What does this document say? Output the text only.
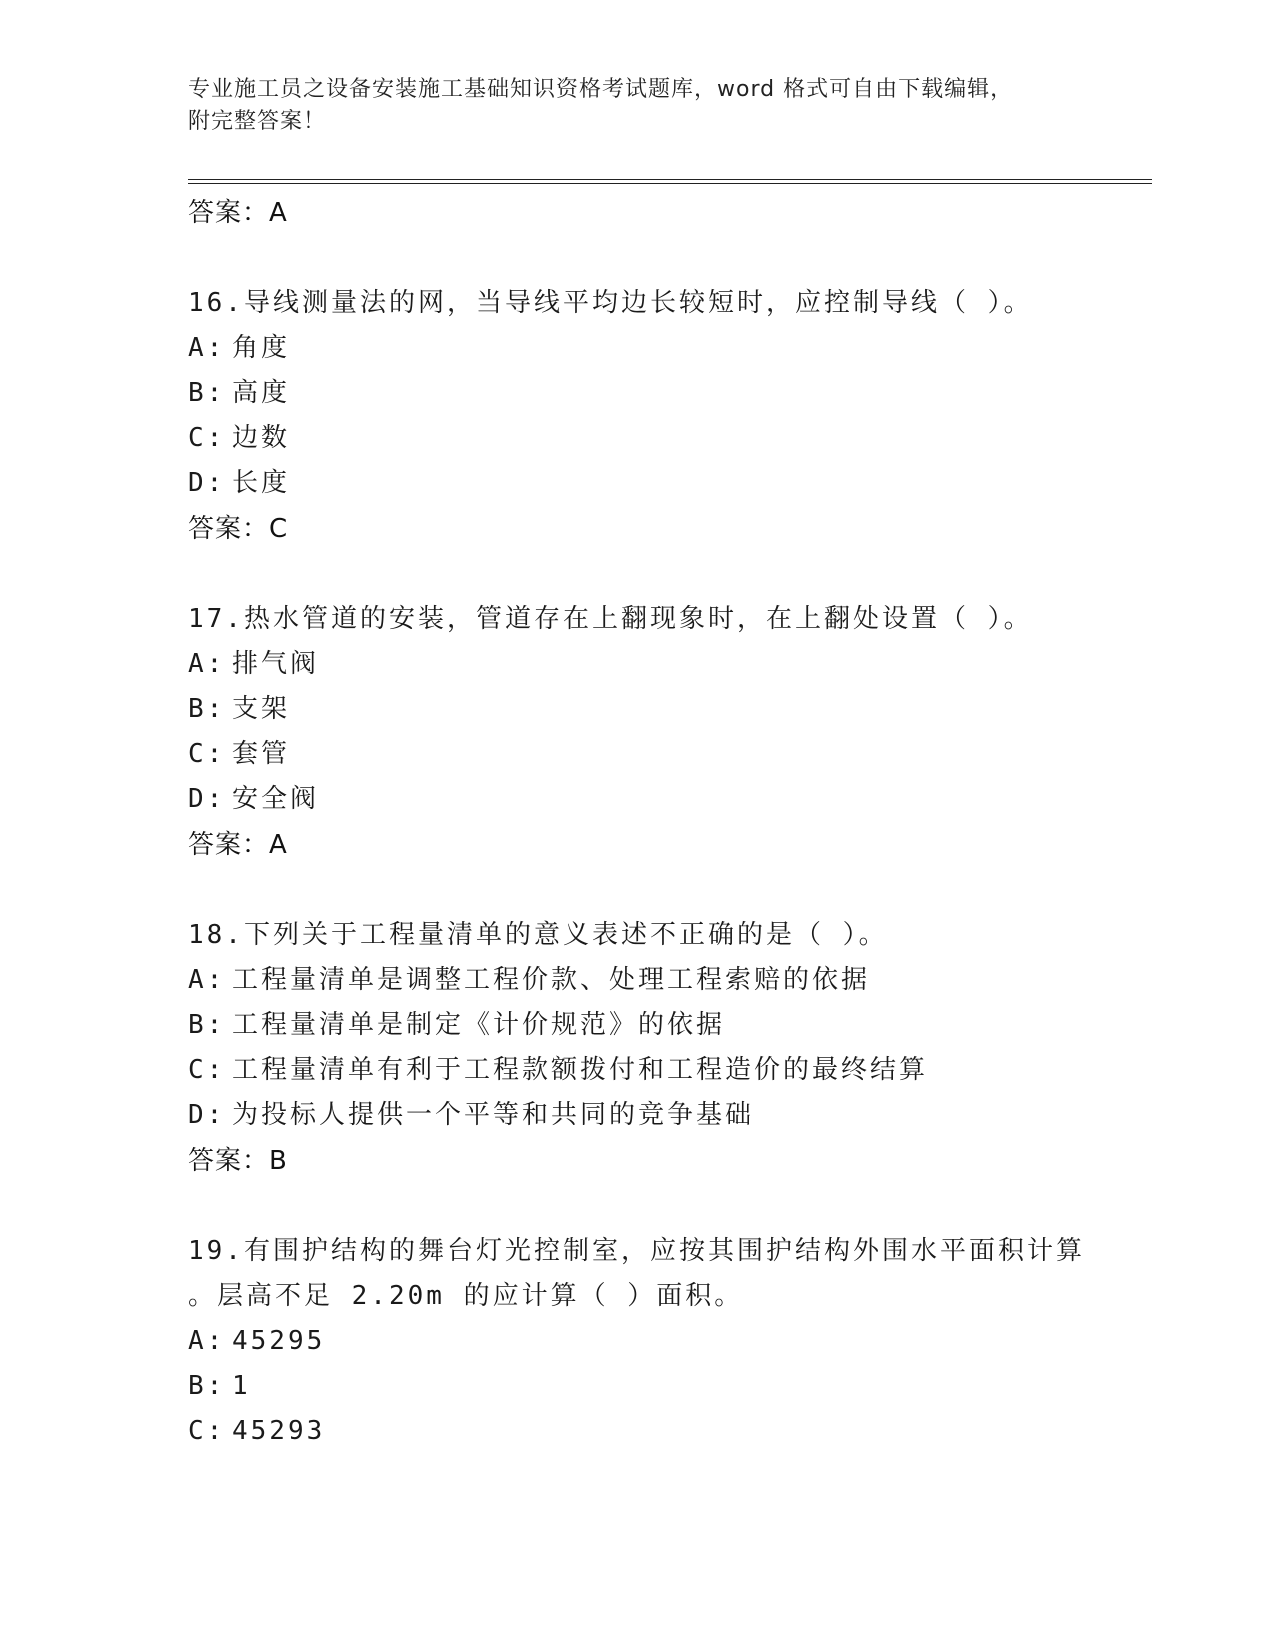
专业施工员之设备安装施工基础知识资格考试题库，word 格式可自由下载编辑，
附完整答案！
答案：A
16.导线测量法的网，当导线平均边长较短时，应控制导线（ ）。
A: 角度
B: 高度
C: 边数
D: 长度
答案：C
17.热水管道的安装，管道存在上翻现象时，在上翻处设置（ ）。
A: 排气阀
B: 支架
C: 套管
D: 安全阀
答案：A
18.下列关于工程量清单的意义表述不正确的是（ ）。
A: 工程量清单是调整工程价款、处理工程索赔的依据
B: 工程量清单是制定《计价规范》的依据
C: 工程量清单有利于工程款额拨付和工程造价的最终结算
D: 为投标人提供一个平等和共同的竞争基础
答案：B
19.有围护结构的舞台灯光控制室，应按其围护结构外围水平面积计算
。层高不足 2.20m 的应计算（ ）面积。
A: 45295
B: 1
C: 45293
